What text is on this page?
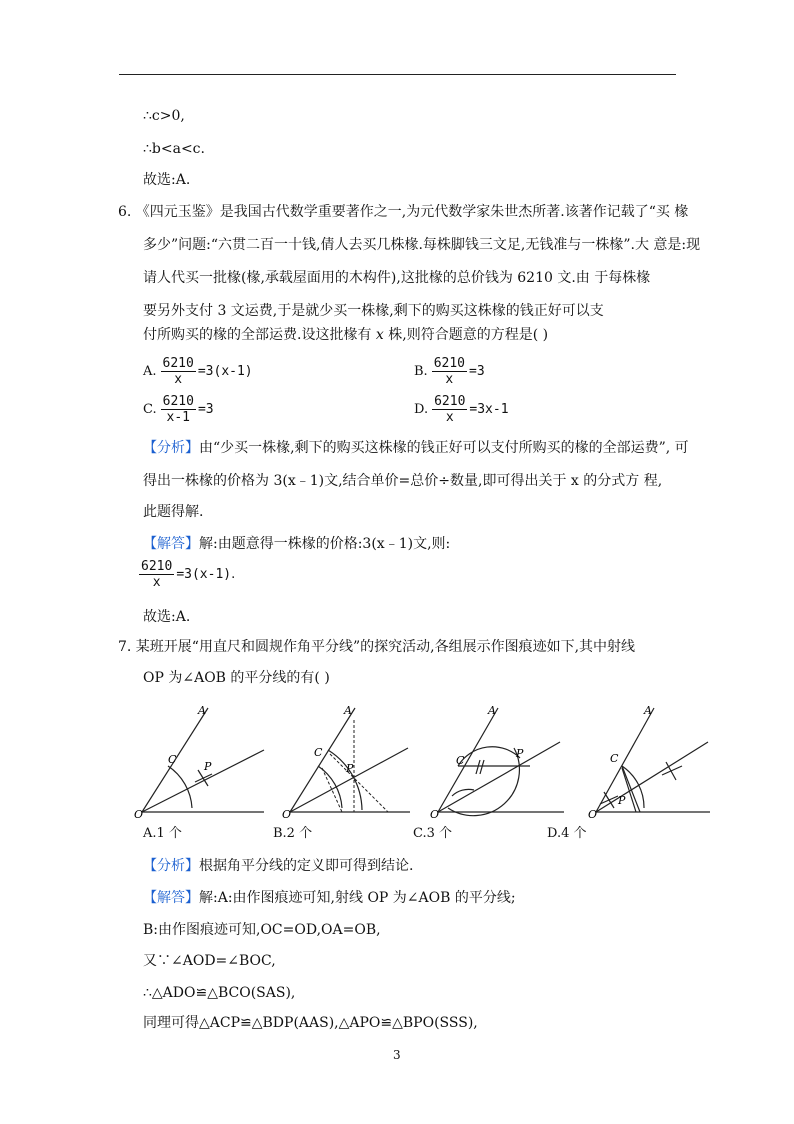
∴c>0,
∴b<a<c.
故选:A.
6. 《四元玉鉴》是我国古代数学重要著作之一,为元代数学家朱世杰所著.该著作记载了“买 椽
多少”问题:“六贯二百一十钱,倩人去买几株椽.每株脚钱三文足,无钱准与一株椽”.大 意是:现
请人代买一批椽(椽,承载屋面用的木构件),这批椽的总价钱为 6210 文.由 于每株椽
要另外支付 3 文运费,于是就少买一株椽,剩下的购买这株椽的钱正好可以支
付所购买的椽的全部运费.设这批椽有 x 株,则符合题意的方程是( )
A. $\frac{6210}{x} =3(x-1)$	B. $\frac{6210}{x} =3$
C. $\frac{6210}{x-1} =3$	D. $\frac{6210}{x} =3x-1$
【分析】由“少买一株椽,剩下的购买这株椽的钱正好可以支付所购买的椽的全部运费”, 可
得出一株椽的价格为 3(x﹣1)文,结合单价=总价÷数量,即可得出关于 x 的分式方 程,
此题得解.
【解答】解:由题意得一株椽的价格:3(x﹣1)文,则:
$\frac{6210}{x} =3(x-1)$ .
故选:A.
7. 某班开展“用直尺和圆规作角平分线”的探究活动,各组展示作图痕迹如下,其中射线
OP 为∠AOB 的平分线的有( )
A
C
P
O
A
C
P
O
A
C
P
O
A
C
P
O
A.1 个	B.2 个	C.3 个	D.4 个
【分析】根据角平分线的定义即可得到结论.
【解答】解:A:由作图痕迹可知,射线 OP 为∠AOB 的平分线;
B:由作图痕迹可知,OC=OD,OA=OB,
又∵∠AOD=∠BOC,
∴△ADO≌△BCO(SAS),
同理可得△ACP≌△BDP(AAS),△APO≌△BPO(SSS),
3
